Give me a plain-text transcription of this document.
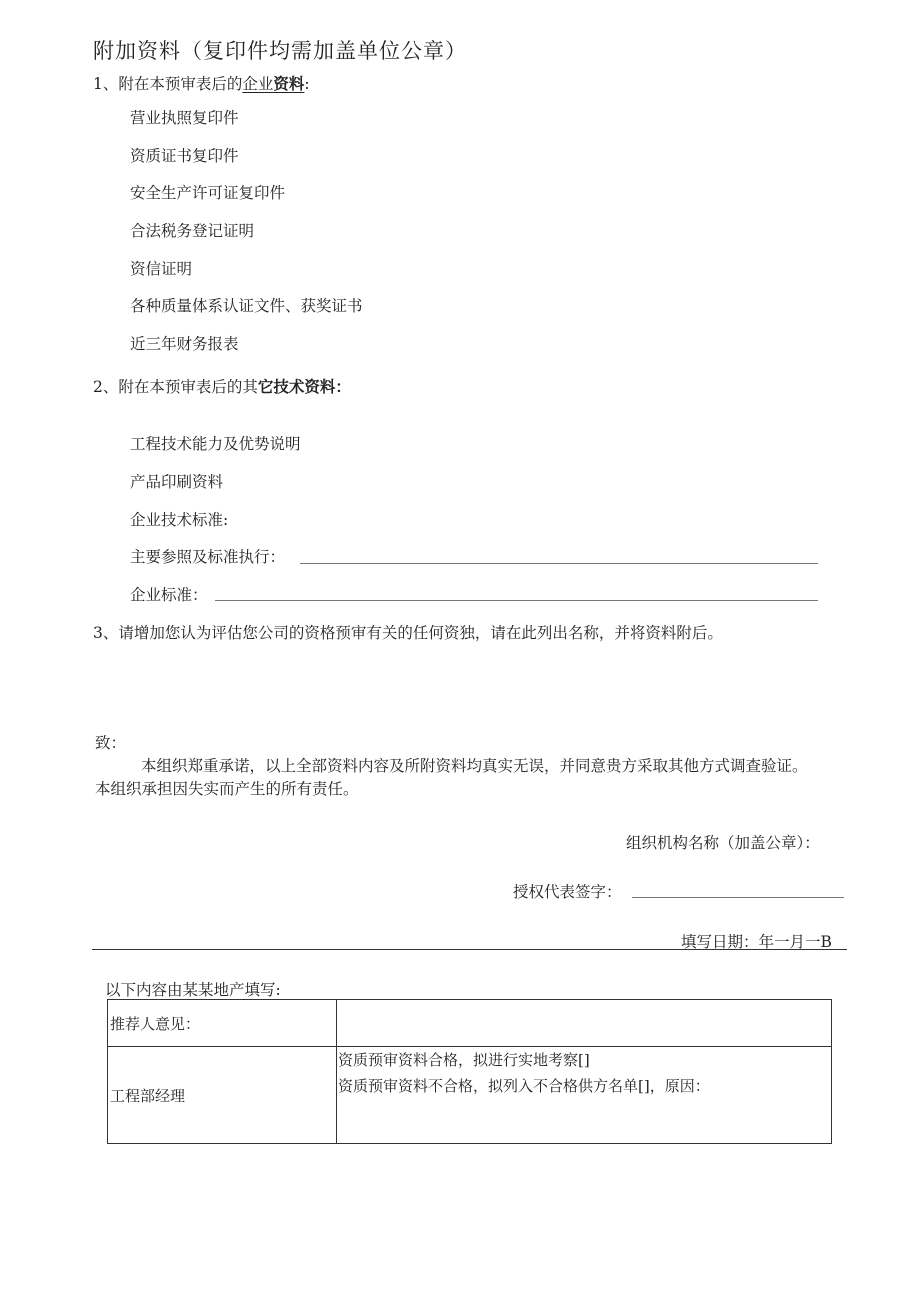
附加资料（复印件均需加盖单位公章）
1、附在本预审表后的企业资料:
营业执照复印件
资质证书复印件
安全生产许可证复印件
合法税务登记证明
资信证明
各种质量体系认证文件、获奖证书
近三年财务报表
2、附在本预审表后的其它技术资料：
工程技术能力及优势说明
产品印刷资料
企业技术标准:
主要参照及标准执行：
企业标准：
3、请增加您认为评估您公司的资格预审有关的任何资独，请在此列出名称，并将资料附后。
致：
本组织郑重承诺，以上全部资料内容及所附资料均真实无误，并同意贵方采取其他方式调查验证。
本组织承担因失实而产生的所有责任。
组织机构名称（加盖公章）：
授权代表签字：
填写日期：年一月一B
以下内容由某某地产填写:
推荐人意见：	
工程部经理	资质预审资料合格，拟进行实地考察[]
资质预审资料不合格，拟列入不合格供方名单[]，原因：
